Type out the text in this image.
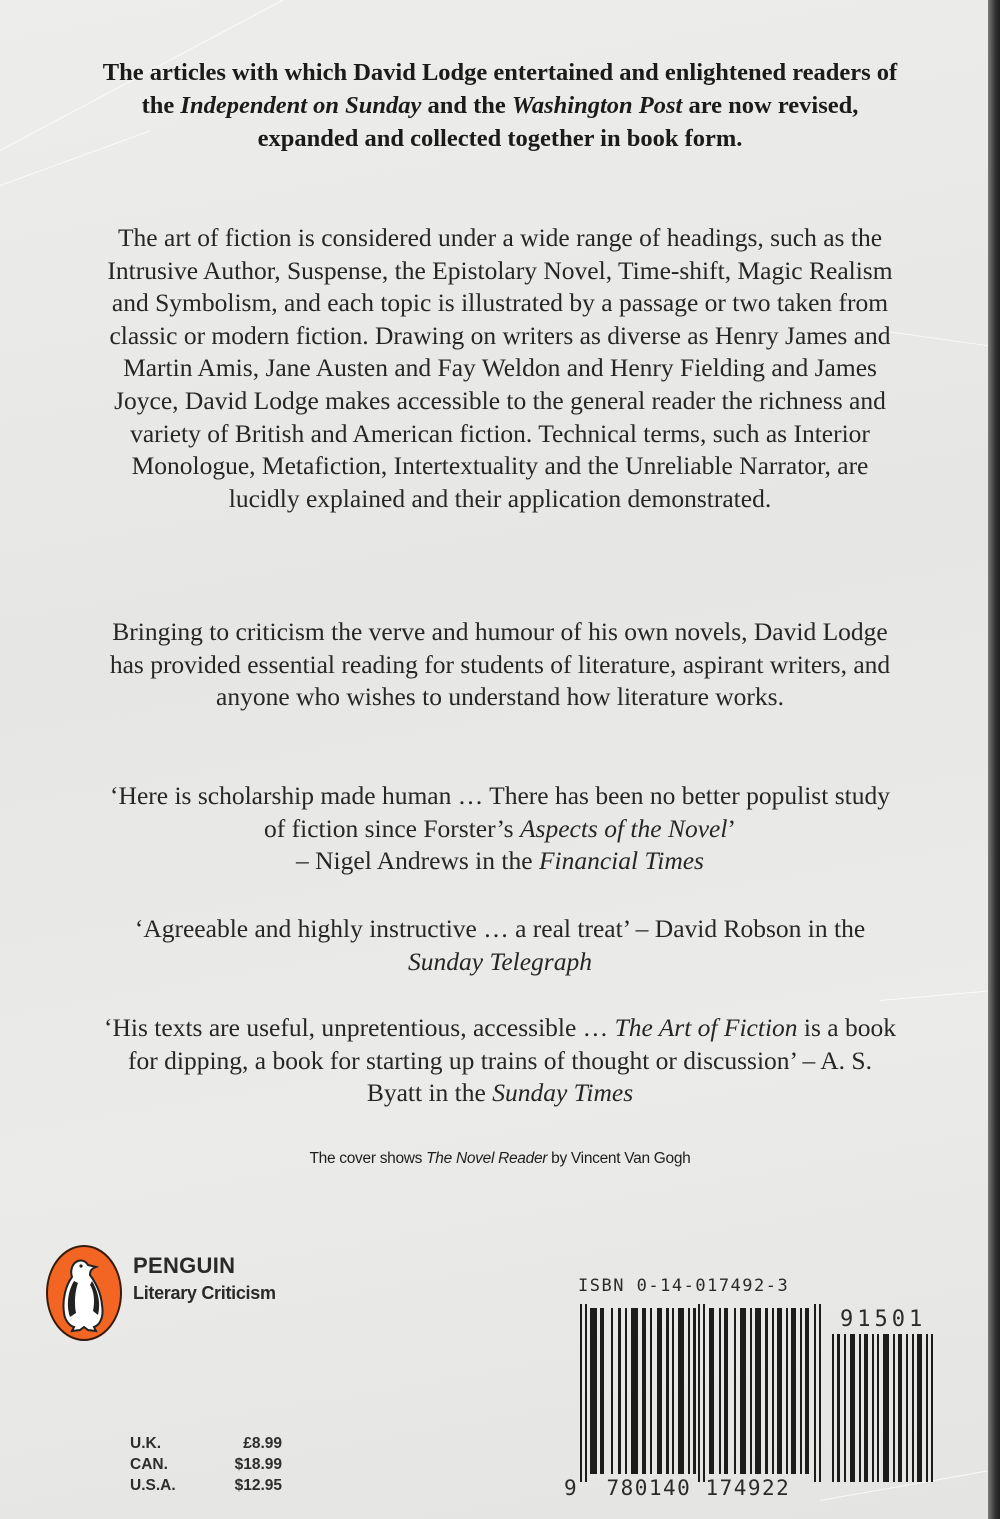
The articles with which David Lodge entertained and enlightened readers of the Independent on Sunday and the Washington Post are now revised, expanded and collected together in book form.
The art of fiction is considered under a wide range of headings, such as the Intrusive Author, Suspense, the Epistolary Novel, Time-shift, Magic Realism and Symbolism, and each topic is illustrated by a passage or two taken from classic or modern fiction. Drawing on writers as diverse as Henry James and Martin Amis, Jane Austen and Fay Weldon and Henry Fielding and James Joyce, David Lodge makes accessible to the general reader the richness and variety of British and American fiction. Technical terms, such as Interior Monologue, Metafiction, Intertextuality and the Unreliable Narrator, are lucidly explained and their application demonstrated.
Bringing to criticism the verve and humour of his own novels, David Lodge has provided essential reading for students of literature, aspirant writers, and anyone who wishes to understand how literature works.
‘Here is scholarship made human … There has been no better populist study of fiction since Forster’s Aspects of the Novel’
– Nigel Andrews in the Financial Times
‘Agreeable and highly instructive … a real treat’ – David Robson in the Sunday Telegraph
‘His texts are useful, unpretentious, accessible … The Art of Fiction is a book for dipping, a book for starting up trains of thought or discussion’ – A. S. Byatt in the Sunday Times
The cover shows The Novel Reader by Vincent Van Gogh
PENGUIN
Literary Criticism
U.K.	£8.99
CAN.	$18.99
U.S.A.	$12.95
ISBN 0-14-017492-3
91501
9 780140 174922
